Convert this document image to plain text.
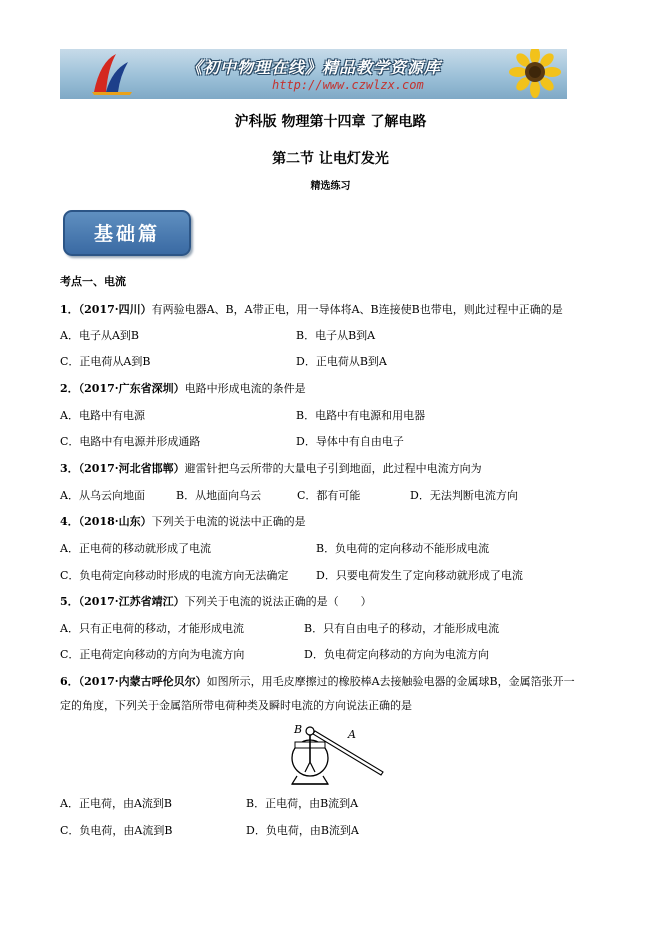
《初中物理在线》精品教学资源库
http://www.czwlzx.com
沪科版 物理第十四章 了解电路
第二节 让电灯发光
精选练习
基础篇
考点一、电流
1．（2017·四川）有两验电器A、B，A带正电，用一导体将A、B连接使B也带电，则此过程中正确的是
A．电子从A到B	B．电子从B到A
C．正电荷从A到B	D．正电荷从B到A
2．（2017·广东省深圳）电路中形成电流的条件是
A．电路中有电源	B．电路中有电源和用电器
C．电路中有电源并形成通路	D．导体中有自由电子
3．（2017·河北省邯郸）避雷针把乌云所带的大量电子引到地面，此过程中电流方向为
A．从乌云向地面	B．从地面向乌云	C．都有可能	D．无法判断电流方向
4．（2018·山东）下列关于电流的说法中正确的是
A．正电荷的移动就形成了电流	B．负电荷的定向移动不能形成电流
C．负电荷定向移动时形成的电流方向无法确定	D．只要电荷发生了定向移动就形成了电流
5．（2017·江苏省靖江）下列关于电流的说法正确的是（　　）
A．只有正电荷的移动，才能形成电流	B．只有自由电子的移动，才能形成电流
C．正电荷定向移动的方向为电流方向	D．负电荷定向移动的方向为电流方向
6．（2017·内蒙古呼伦贝尔）如图所示，用毛皮摩擦过的橡胶棒A去接触验电器的金属球B，金属箔张开一
定的角度，下列关于金属箔所带电荷种类及瞬时电流的方向说法正确的是
B	A
A．正电荷，由A流到B	B．正电荷，由B流到A
C．负电荷，由A流到B	D．负电荷，由B流到A
